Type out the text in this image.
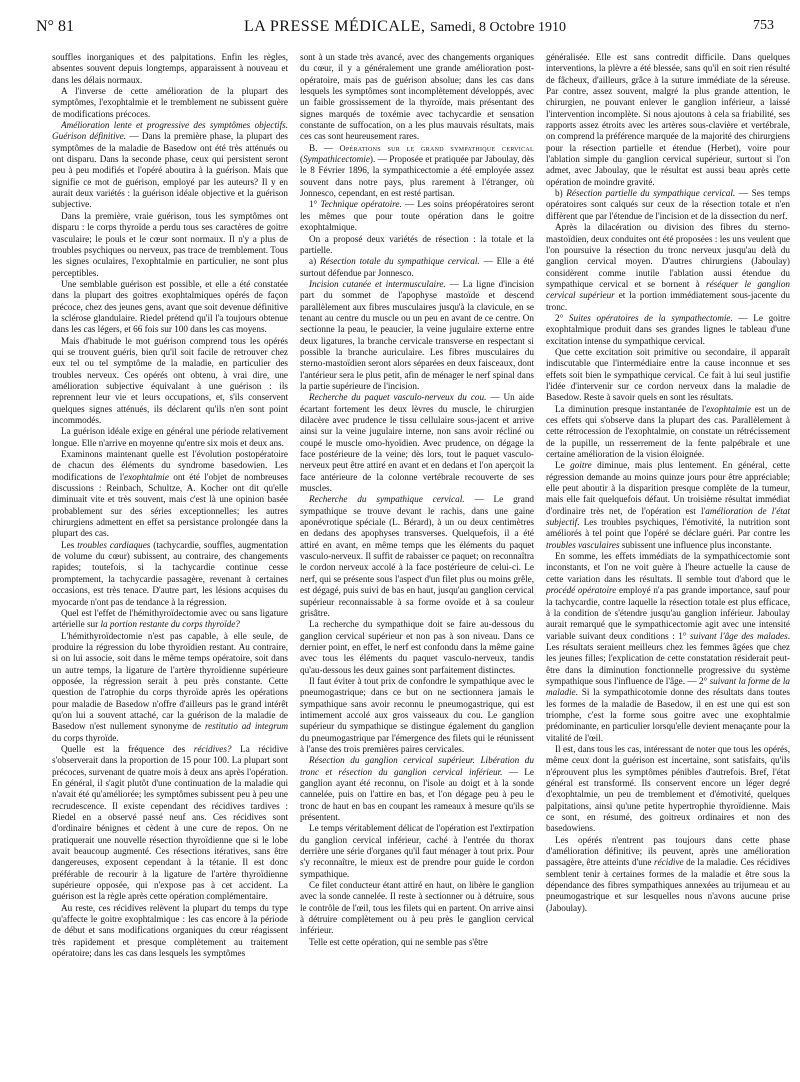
N° 81	LA PRESSE MÉDICALE, Samedi, 8 Octobre 1910	753

souffles inorganiques et des palpitations. Enfin les règles, absentes souvent depuis longtemps, apparaissent à nouveau et dans les délais normaux.

A l'inverse de cette amélioration de la plupart des symptômes, l'exophtalmie et le tremblement ne subissent guère de modifications précoces.

Amélioration lente et progressive des symptômes objectifs. Guérison définitive. — Dans la première phase, la plupart des symptômes de la maladie de Basedow ont été très atténués ou ont disparu. Dans la seconde phase, ceux qui persistent seront peu à peu modifiés et l'opéré aboutira à la guérison. Mais que signifie ce mot de guérison, employé par les auteurs? Il y en aurait deux variétés : la guérison idéale objective et la guérison subjective.

Dans la première, vraie guérison, tous les symptômes ont disparu : le corps thyroïde a perdu tous ses caractères de goitre vasculaire; le pouls et le cœur sont normaux. Il n'y a plus de troubles psychiques ou nerveux, pas trace de tremblement. Tous les signes oculaires, l'exophtalmie en particulier, ne sont plus perceptibles.

Une semblable guérison est possible, et elle a été constatée dans la plupart des goitres exophtalmiques opérés de façon précoce, chez des jeunes gens, avant que soit devenue définitive la sclérose glandulaire. Riedel prétend qu'il l'a toujours obtenue dans les cas légers, et 66 fois sur 100 dans les cas moyens.

Mais d'habitude le mot guérison comprend tous les opérés qui se trouvent guéris, bien qu'il soit facile de retrouver chez eux tel ou tel symptôme de la maladie, en particulier des troubles nerveux. Ces opérés ont obtenu, à vrai dire, une amélioration subjective équivalant à une guérison : ils reprennent leur vie et leurs occupations, et, s'ils conservent quelques signes atténués, ils déclarent qu'ils n'en sont point incommodés.

La guérison idéale exige en général une période relativement longue. Elle n'arrive en moyenne qu'entre six mois et deux ans.

Examinons maintenant quelle est l'évolution postopératoire de chacun des éléments du syndrome basedowien. Les modifications de l'exophtalmie ont été l'objet de nombreuses discussions : Reinbach, Schultze, A. Kocher ont dit qu'elle diminuait vite et très souvent, mais c'est là une opinion basée probablement sur des séries exceptionnelles; les autres chirurgiens admettent en effet sa persistance prolongée dans la plupart des cas.

Les troubles cardiaques (tachycardie, souffles, augmentation de volume du cœur) subissent, au contraire, des changements rapides; toutefois, si la tachycardie continue cesse promptement, la tachycardie passagère, revenant à certaines occasions, est très tenace. D'autre part, les lésions acquises du myocarde n'ont pas de tendance à la régression.

Quel est l'effet de l'hémithyroïdectomie avec ou sans ligature artérielle sur la portion restante du corps thyroïde?

L'hémithyroïdectomie n'est pas capable, à elle seule, de produire la régression du lobe thyroïdien restant. Au contraire, si on lui associe, soit dans le même temps opératoire, soit dans un autre temps, la ligature de l'artère thyroïdienne supérieure opposée, la régression serait à peu près constante. Cette question de l'atrophie du corps thyroïde après les opérations pour maladie de Basedow n'offre d'ailleurs pas le grand intérêt qu'on lui a souvent attaché, car la guérison de la maladie de Basedow n'est nullement synonyme de restitutio ad integrum du corps thyroïde.

Quelle est la fréquence des récidives? La récidive s'observerait dans la proportion de 15 pour 100. La plupart sont précoces, survenant de quatre mois à deux ans après l'opération. En général, il s'agit plutôt d'une continuation de la maladie qui n'avait été qu'améliorée; les symptômes subissent peu à peu une recrudescence. Il existe cependant des récidives tardives : Riedel en a observé passé neuf ans. Ces récidives sont d'ordinaire bénignes et cèdent à une cure de repos. On ne pratiquerait une nouvelle résection thyroïdienne que si le lobe avait beaucoup augmenté. Ces résections itératives, sans être dangereuses, exposent cependant à la tétanie. Il est donc préférable de recourir à la ligature de l'artère thyroïdienne supérieure opposée, qui n'expose pas à cet accident. La guérison est la règle après cette opération complémentaire.

Au reste, ces récidives relèvent la plupart du temps du type qu'affecte le goitre exophtalmique : les cas encore à la période de début et sans modifications organiques du cœur réagissent très rapidement et presque complètement au traitement opératoire; dans les cas dans lesquels les symptômes

sont à un stade très avancé, avec des changements organiques du cœur, il y a généralement une grande amélioration post-opératoire, mais pas de guérison absolue; dans les cas dans lesquels les symptômes sont incomplètement développés, avec un faible grossissement de la thyroïde, mais présentant des signes marqués de toxémie avec tachycardie et sensation constante de suffocation, on a les plus mauvais résultats, mais ces cas sont heureusement rares.

B. — Opérations sur le grand sympathique cervical (Sympathicectomie). — Proposée et pratiquée par Jaboulay, dès le 8 Février 1896, la sympathicectomie a été employée assez souvent dans notre pays, plus rarement à l'étranger, où Jonnesco, cependant, en est resté partisan.

1° Technique opératoire. — Les soins préopératoires seront les mêmes que pour toute opération dans le goitre exophtalmique.

On a proposé deux variétés de résection : la totale et la partielle.

a) Résection totale du sympathique cervical. — Elle a été surtout défendue par Jonnesco.

Incision cutanée et intermusculaire. — La ligne d'incision part du sommet de l'apophyse mastoïde et descend parallèlement aux fibres musculaires jusqu'à la clavicule, en se tenant au centre du muscle ou un peu en avant de ce centre. On sectionne la peau, le peaucier, la veine jugulaire externe entre deux ligatures, la branche cervicale transverse en respectant si possible la branche auriculaire. Les fibres musculaires du sterno-mastoïdien seront alors séparées en deux faisceaux, dont l'antérieur sera le plus petit, afin de ménager le nerf spinal dans la partie supérieure de l'incision.

Recherche du paquet vasculo-nerveux du cou. — Un aide écartant fortement les deux lèvres du muscle, le chirurgien dilacère avec prudence le tissu cellulaire sous-jacent et arrive ainsi sur la veine jugulaire interne, non sans avoir récliné ou coupé le muscle omo-hyoïdien. Avec prudence, on dégage la face postérieure de la veine; dès lors, tout le paquet vasculo-nerveux peut être attiré en avant et en dedans et l'on aperçoit la face antérieure de la colonne vertébrale recouverte de ses muscles.

Recherche du sympathique cervical. — Le grand sympathique se trouve devant le rachis, dans une gaine aponévrotique spéciale (L. Bérard), à un ou deux centimètres en dedans des apophyses transverses. Quelquefois, il a été attiré en avant, en même temps que les éléments du paquet vasculo-nerveux. Il suffit de rabaisser ce paquet; on reconnaîtra le cordon nerveux accolé à la face postérieure de celui-ci. Le nerf, qui se présente sous l'aspect d'un filet plus ou moins grêle, est dégagé, puis suivi de bas en haut, jusqu'au ganglion cervical supérieur reconnaissable à sa forme ovoïde et à sa couleur grisâtre.

La recherche du sympathique doit se faire au-dessous du ganglion cervical supérieur et non pas à son niveau. Dans ce dernier point, en effet, le nerf est confondu dans la même gaine avec tous les éléments du paquet vasculo-nerveux, tandis qu'au-dessous les deux gaines sont parfaitement distinctes.

Il faut éviter à tout prix de confondre le sympathique avec le pneumogastrique; dans ce but on ne sectionnera jamais le sympathique sans avoir reconnu le pneumogastrique, qui est intimement accolé aux gros vaisseaux du cou. Le ganglion supérieur du sympathique se distingue également du ganglion du pneumogastrique par l'émergence des filets qui le réunissent à l'anse des trois premières paires cervicales.

Résection du ganglion cervical supérieur. Libération du tronc et résection du ganglion cervical inférieur. — Le ganglion ayant été reconnu, on l'isole au doigt et à la sonde cannelée, puis on l'attire en bas, et l'on dégage peu à peu le tronc de haut en bas en coupant les rameaux à mesure qu'ils se présentent.

Le temps véritablement délicat de l'opération est l'extirpation du ganglion cervical inférieur, caché à l'entrée du thorax derrière une série d'organes qu'il faut ménager à tout prix. Pour s'y reconnaître, le mieux est de prendre pour guide le cordon sympathique.

Ce filet conducteur étant attiré en haut, on libère le ganglion avec la sonde cannelée. Il reste à sectionner ou à détruire, sous le contrôle de l'œil, tous les filets qui en partent. On arrive ainsi à détruire complètement ou à peu près le ganglion cervical inférieur.

Telle est cette opération, qui ne semble pas s'être

généralisée. Elle est sans contredit difficile. Dans quelques interventions, la plèvre a été blessée, sans qu'il en soit rien résulté de fâcheux, d'ailleurs, grâce à la suture immédiate de la séreuse. Par contre, assez souvent, malgré la plus grande attention, le chirurgien, ne pouvant enlever le ganglion inférieur, a laissé l'intervention incomplète. Si nous ajoutons à cela sa friabilité, ses rapports assez étroits avec les artères sous-clavière et vertébrale, on comprend la préférence marquée de la majorité des chirurgiens pour la résection partielle et étendue (Herbet), voire pour l'ablation simple du ganglion cervical supérieur, surtout si l'on admet, avec Jaboulay, que le résultat est aussi beau après cette opération de moindre gravité.

b) Résection partielle du sympathique cervical. — Ses temps opératoires sont calqués sur ceux de la résection totale et n'en diffèrent que par l'étendue de l'incision et de la dissection du nerf.

Après la dilacération ou division des fibres du sterno-mastoïdien, deux conduites ont été proposées : les uns veulent que l'on poursuive la résection du tronc nerveux jusqu'au delà du ganglion cervical moyen. D'autres chirurgiens (Jaboulay) considèrent comme inutile l'ablation aussi étendue du sympathique cervical et se bornent à réséquer le ganglion cervical supérieur et la portion immédiatement sous-jacente du tronc.

2° Suites opératoires de la sympathectomie. — Le goitre exophtalmique produit dans ses grandes lignes le tableau d'une excitation intense du sympathique cervical.

Que cette excitation soit primitive ou secondaire, il apparaît indiscutable que l'intermédiaire entre la cause inconnue et ses effets soit bien le sympathique cervical. Ce fait à lui seul justifie l'idée d'intervenir sur ce cordon nerveux dans la maladie de Basedow. Reste à savoir quels en sont les résultats.

La diminution presque instantanée de l'exophtalmie est un de ces effets qui s'observe dans la plupart des cas. Parallèlement à cette rétrocession de l'exophtalmie, on constate un rétrécissement de la pupille, un resserrement de la fente palpébrale et une certaine amélioration de la vision éloignée.

Le goitre diminue, mais plus lentement. En général, cette régression demande au moins quinze jours pour être appréciable; elle peut aboutir à la disparition presque complète de la tumeur, mais elle fait quelquefois défaut. Un troisième résultat immédiat d'ordinaire très net, de l'opération est l'amélioration de l'état subjectif. Les troubles psychiques, l'émotivité, la nutrition sont améliorés à tel point que l'opéré se déclare guéri. Par contre les troubles vasculaires subissent une influence plus inconstante.

En somme, les effets immédiats de la sympathicectomie sont inconstants, et l'on ne voit guère à l'heure actuelle la cause de cette variation dans les résultats. Il semble tout d'abord que le procédé opératoire employé n'a pas grande importance, sauf pour la tachycardie, contre laquelle la résection totale est plus efficace, à la condition de s'étendre jusqu'au ganglion inférieur. Jaboulay aurait remarqué que le sympathicectomie agit avec une intensité variable suivant deux conditions : 1° suivant l'âge des malades. Les résultats seraient meilleurs chez les femmes âgées que chez les jeunes filles; l'explication de cette constatation résiderait peut-être dans la diminution fonctionnelle progressive du système sympathique sous l'influence de l'âge. — 2° suivant la forme de la maladie. Si la sympathicotomie donne des résultats dans toutes les formes de la maladie de Basedow, il en est une qui est son triomphe, c'est la forme sous goitre avec une exophtalmie prédominante, en particulier lorsqu'elle devient menaçante pour la vitalité de l'œil.

Il est, dans tous les cas, intéressant de noter que tous les opérés, même ceux dont la guérison est incertaine, sont satisfaits, qu'ils n'éprouvent plus les symptômes pénibles d'autrefois. Bref, l'état général est transformé. Ils conservent encore un léger degré d'exophtalmie, un peu de tremblement et d'émotivité, quelques palpitations, ainsi qu'une petite hypertrophie thyroïdienne. Mais ce sont, en résumé, des goitreux ordinaires et non des basedowiens.

Les opérés n'entrent pas toujours dans cette phase d'amélioration définitive; ils peuvent, après une amélioration passagère, être atteints d'une récidive de la maladie. Ces récidives semblent tenir à certaines formes de la maladie et être sous la dépendance des fibres sympathiques annexées au trijumeau et au pneumogastrique et sur lesquelles nous n'avons aucune prise (Jaboulay).
